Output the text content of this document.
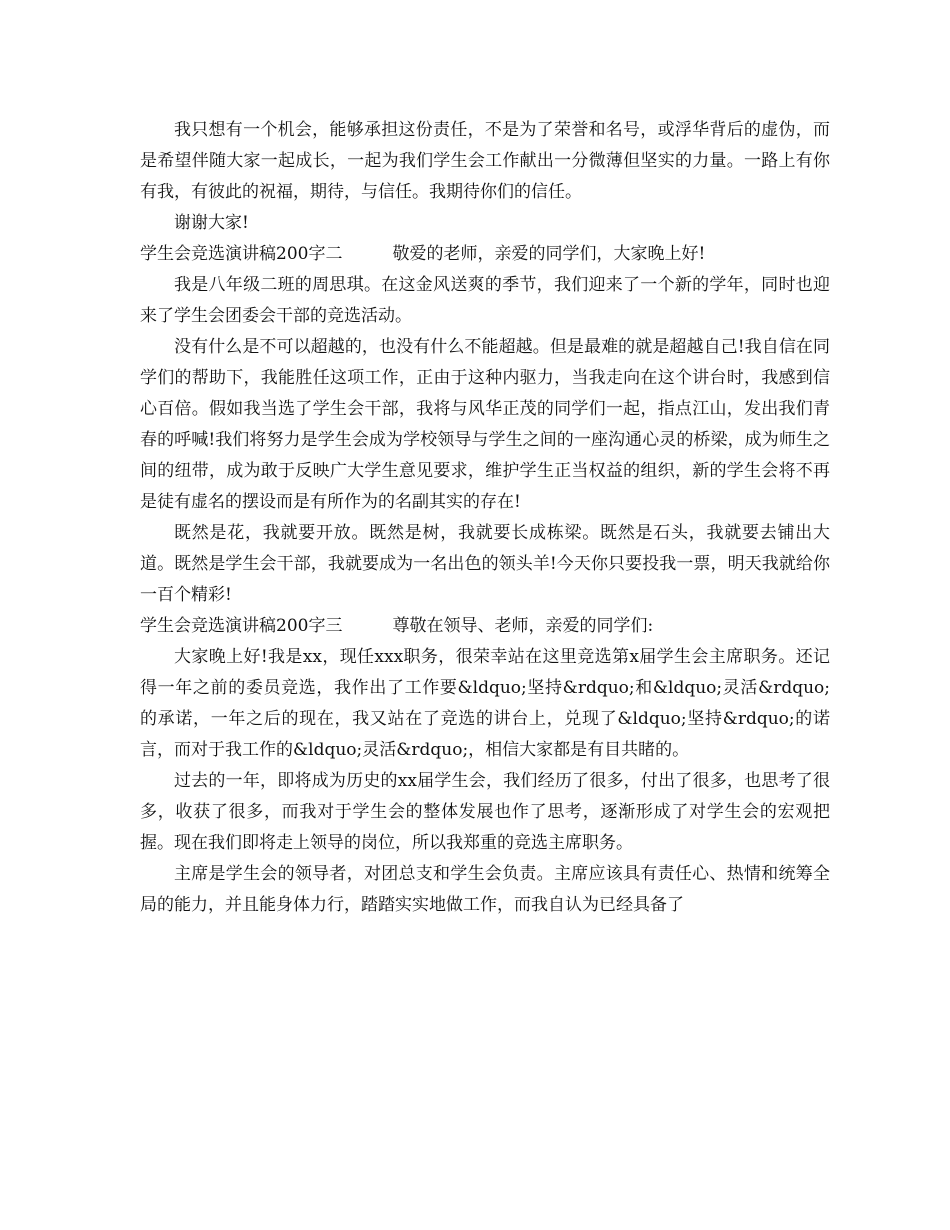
我只想有一个机会，能够承担这份责任，不是为了荣誉和名号，或浮华背后的虚伪，而是希望伴随大家一起成长，一起为我们学生会工作献出一分微薄但坚实的力量。一路上有你有我，有彼此的祝福，期待，与信任。我期待你们的信任。

谢谢大家!

学生会竞选演讲稿200字二	敬爱的老师，亲爱的同学们，大家晚上好!

我是八年级二班的周思琪。在这金风送爽的季节，我们迎来了一个新的学年，同时也迎来了学生会团委会干部的竞选活动。

没有什么是不可以超越的，也没有什么不能超越。但是最难的就是超越自己!我自信在同学们的帮助下，我能胜任这项工作，正由于这种内驱力，当我走向在这个讲台时，我感到信心百倍。假如我当选了学生会干部，我将与风华正茂的同学们一起，指点江山，发出我们青春的呼喊!我们将努力是学生会成为学校领导与学生之间的一座沟通心灵的桥梁，成为师生之间的纽带，成为敢于反映广大学生意见要求，维护学生正当权益的组织，新的学生会将不再是徒有虚名的摆设而是有所作为的名副其实的存在!

既然是花，我就要开放。既然是树，我就要长成栋梁。既然是石头，我就要去铺出大道。既然是学生会干部，我就要成为一名出色的领头羊!今天你只要投我一票，明天我就给你一百个精彩!

学生会竞选演讲稿200字三	尊敬在领导、老师，亲爱的同学们:

大家晚上好!我是xx，现任xxx职务，很荣幸站在这里竞选第x届学生会主席职务。还记得一年之前的委员竞选，我作出了工作要&ldquo;坚持&rdquo;和&ldquo;灵活&rdquo; 的承诺，一年之后的现在，我又站在了竞选的讲台上，兑现了&ldquo;坚持&rdquo;的诺言，而对于我工作的&ldquo;灵活&rdquo;，相信大家都是有目共睹的。

过去的一年，即将成为历史的xx届学生会，我们经历了很多，付出了很多，也思考了很多，收获了很多，而我对于学生会的整体发展也作了思考，逐渐形成了对学生会的宏观把握。现在我们即将走上领导的岗位，所以我郑重的竞选主席职务。

主席是学生会的领导者，对团总支和学生会负责。主席应该具有责任心、热情和统筹全局的能力，并且能身体力行，踏踏实实地做工作，而我自认为已经具备了
